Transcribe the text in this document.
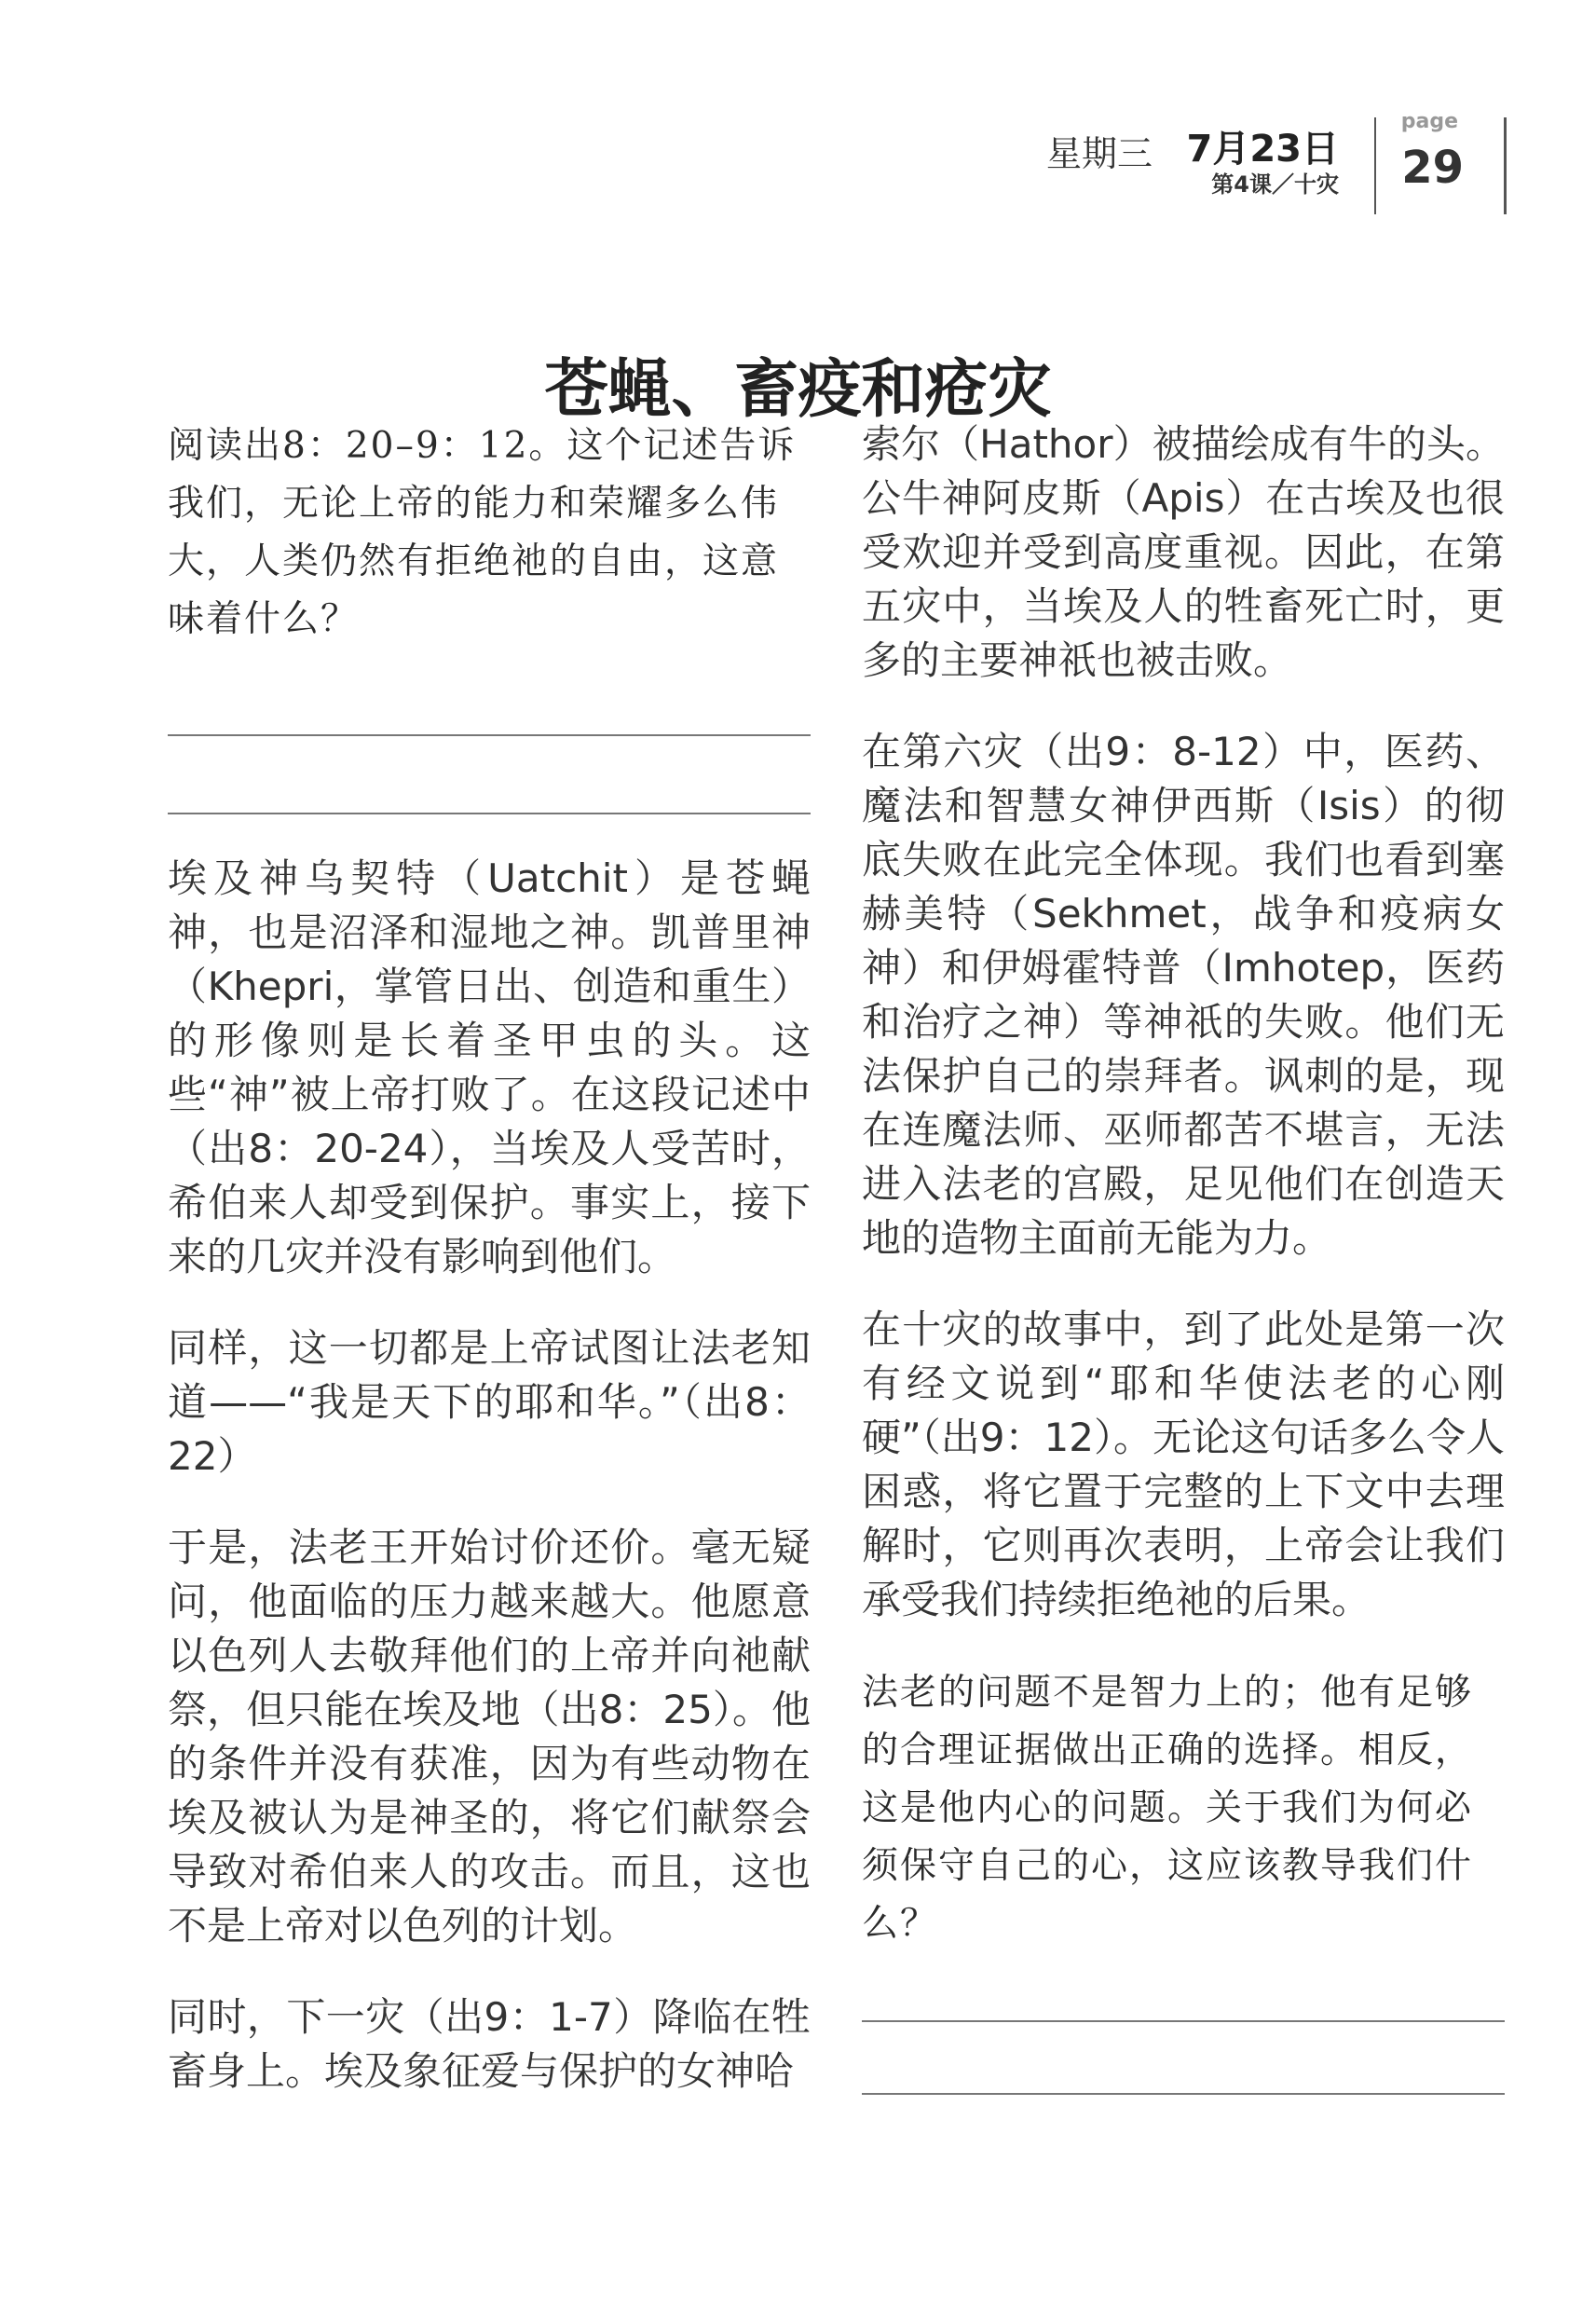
星期三 7月23日
第4课／十灾
page
29
苍蝇、畜疫和疮灾

阅读出8：20–9：12。这个记述告诉我们，无论上帝的能力和荣耀多么伟大，人类仍然有拒绝祂的自由，这意味着什么？

埃及神乌契特（Uatchit）是苍蝇神，也是沼泽和湿地之神。凯普里神（Khepri，掌管日出、创造和重生）的形像则是长着圣甲虫的头。这些“神”被上帝打败了。在这段记述中（出8：20-24），当埃及人受苦时，希伯来人却受到保护。事实上，接下来的几灾并没有影响到他们。

同样，这一切都是上帝试图让法老知道——“我是天下的耶和华。”（出8：22）

于是，法老王开始讨价还价。毫无疑问，他面临的压力越来越大。他愿意以色列人去敬拜他们的上帝并向祂献祭，但只能在埃及地（出8：25）。他的条件并没有获准，因为有些动物在埃及被认为是神圣的，将它们献祭会导致对希伯来人的攻击。而且，这也不是上帝对以色列的计划。

同时，下一灾（出9：1-7）降临在牲畜身上。埃及象征爱与保护的女神哈

索尔（Hathor）被描绘成有牛的头。公牛神阿皮斯（Apis）在古埃及也很受欢迎并受到高度重视。因此，在第五灾中，当埃及人的牲畜死亡时，更多的主要神祇也被击败。

在第六灾（出9：8-12）中，医药、魔法和智慧女神伊西斯（Isis）的彻底失败在此完全体现。我们也看到塞赫美特（Sekhmet，战争和疫病女神）和伊姆霍特普（Imhotep，医药和治疗之神）等神祇的失败。他们无法保护自己的崇拜者。讽刺的是，现在连魔法师、巫师都苦不堪言，无法进入法老的宫殿，足见他们在创造天地的造物主面前无能为力。

在十灾的故事中，到了此处是第一次有经文说到“耶和华使法老的心刚硬”（出9：12）。无论这句话多么令人困惑，将它置于完整的上下文中去理解时，它则再次表明，上帝会让我们承受我们持续拒绝祂的后果。

法老的问题不是智力上的；他有足够的合理证据做出正确的选择。相反，这是他内心的问题。关于我们为何必须保守自己的心，这应该教导我们什么？
